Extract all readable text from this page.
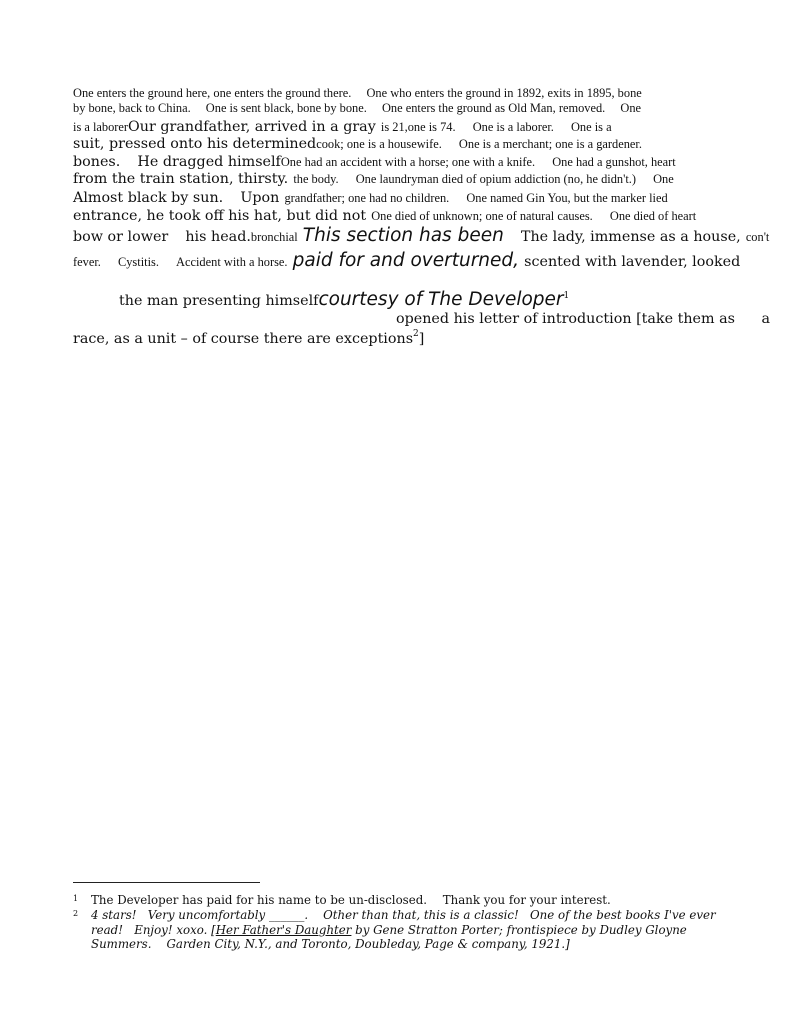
One enters the ground here, one enters the ground there. One who enters the ground in 1892, exits in 1895, bone
by bone, back to China. One is sent black, bone by bone. One enters the ground as Old Man, removed. One
is a laborerOur grandfather, arrived in a gray is 21,one is 74. One is a laborer. One is a
suit, pressed onto his determinedcook; one is a housewife. One is a merchant; one is a gardener.
bones. He dragged himselfOne had an accident with a horse; one with a knife. One had a gunshot, heart
from the train station, thirsty. the body. One laundryman died of opium addiction (no, he didn't.) One
Almost black by sun. Upon grandfather; one had no children. One named Gin You, but the marker lied
entrance, he took off his hat, but did not One died of unknown; one of natural causes. One died of heart
bow or lower his head.bronchial This section has been The lady, immense as a house, con't
fever. Cystitis. Accident with a horse. paid for and overturned, scented with lavender, looked
the man presenting himselfcourtesy of The Developer$^1$
opened his letter of introduction [take them as a
race, as a unit – of course there are exceptions$^2$]
1 The Developer has paid for his name to be un-disclosed. Thank you for your interest.
2 4 stars! Very uncomfortably ______. Other than that, this is a classic! One of the best books I've ever read! Enjoy! xoxo. [Her Father's Daughter by Gene Stratton Porter; frontispiece by Dudley Gloyne Summers. Garden City, N.Y., and Toronto, Doubleday, Page & company, 1921.]
